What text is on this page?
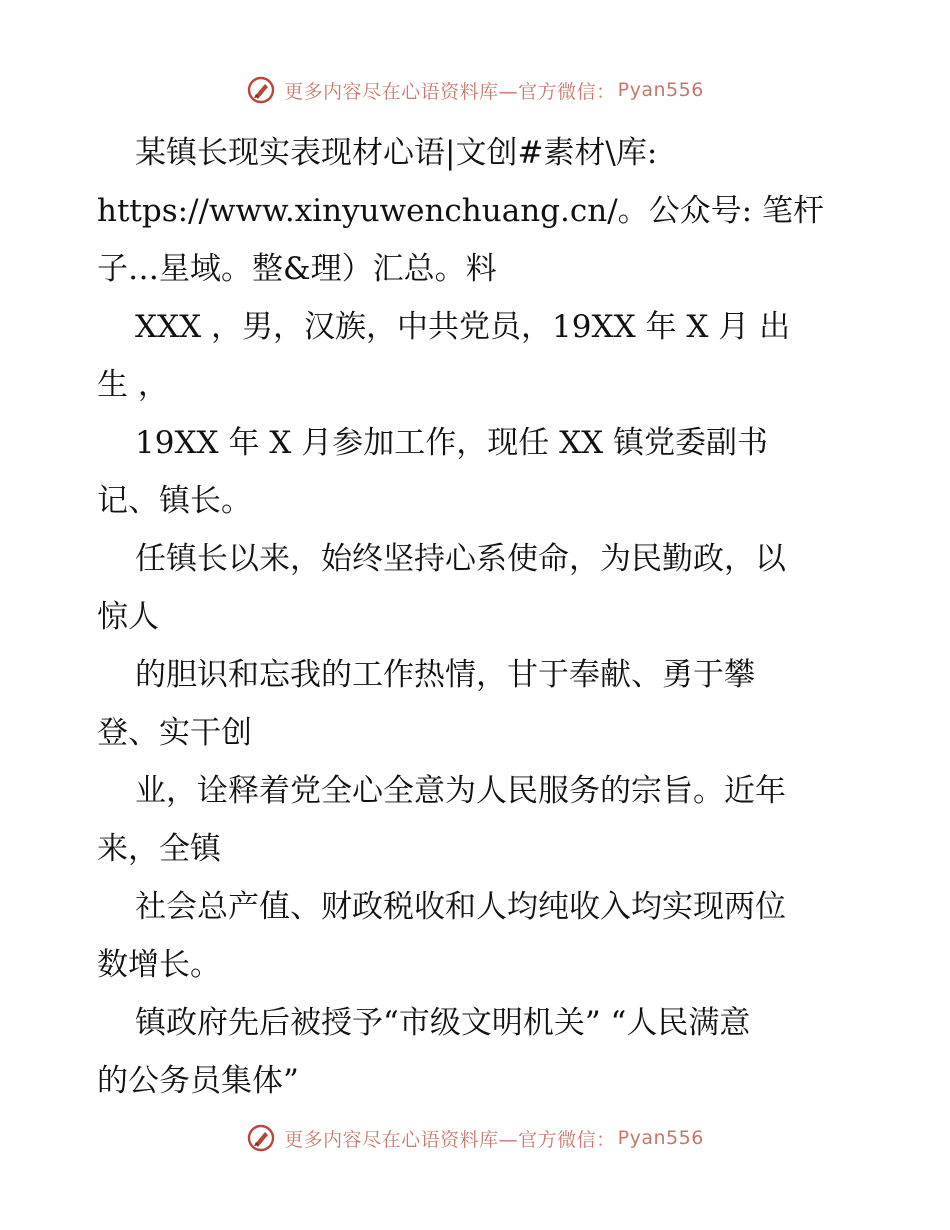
更多内容尽在心语资料库—官方微信： Pyan556
某镇长现实表现材心语|文创#素材\库:
https://www.xinyuwenchuang.cn/。公众号: 笔杆
子…星域。整&理）汇总。料
XXX ，男，汉族，中共党员，19XX 年 X 月 出
生 ，
19XX 年 X 月参加工作，现任 XX 镇党委副书
记、镇长。
任镇长以来，始终坚持心系使命，为民勤政，以
惊人
的胆识和忘我的工作热情，甘于奉献、勇于攀
登、实干创
业，诠释着党全心全意为人民服务的宗旨。近年
来，全镇
社会总产值、财政税收和人均纯收入均实现两位
数增长。
镇政府先后被授予“市级文明机关” “人民满意
的公务员集体”
更多内容尽在心语资料库—官方微信： Pyan556
